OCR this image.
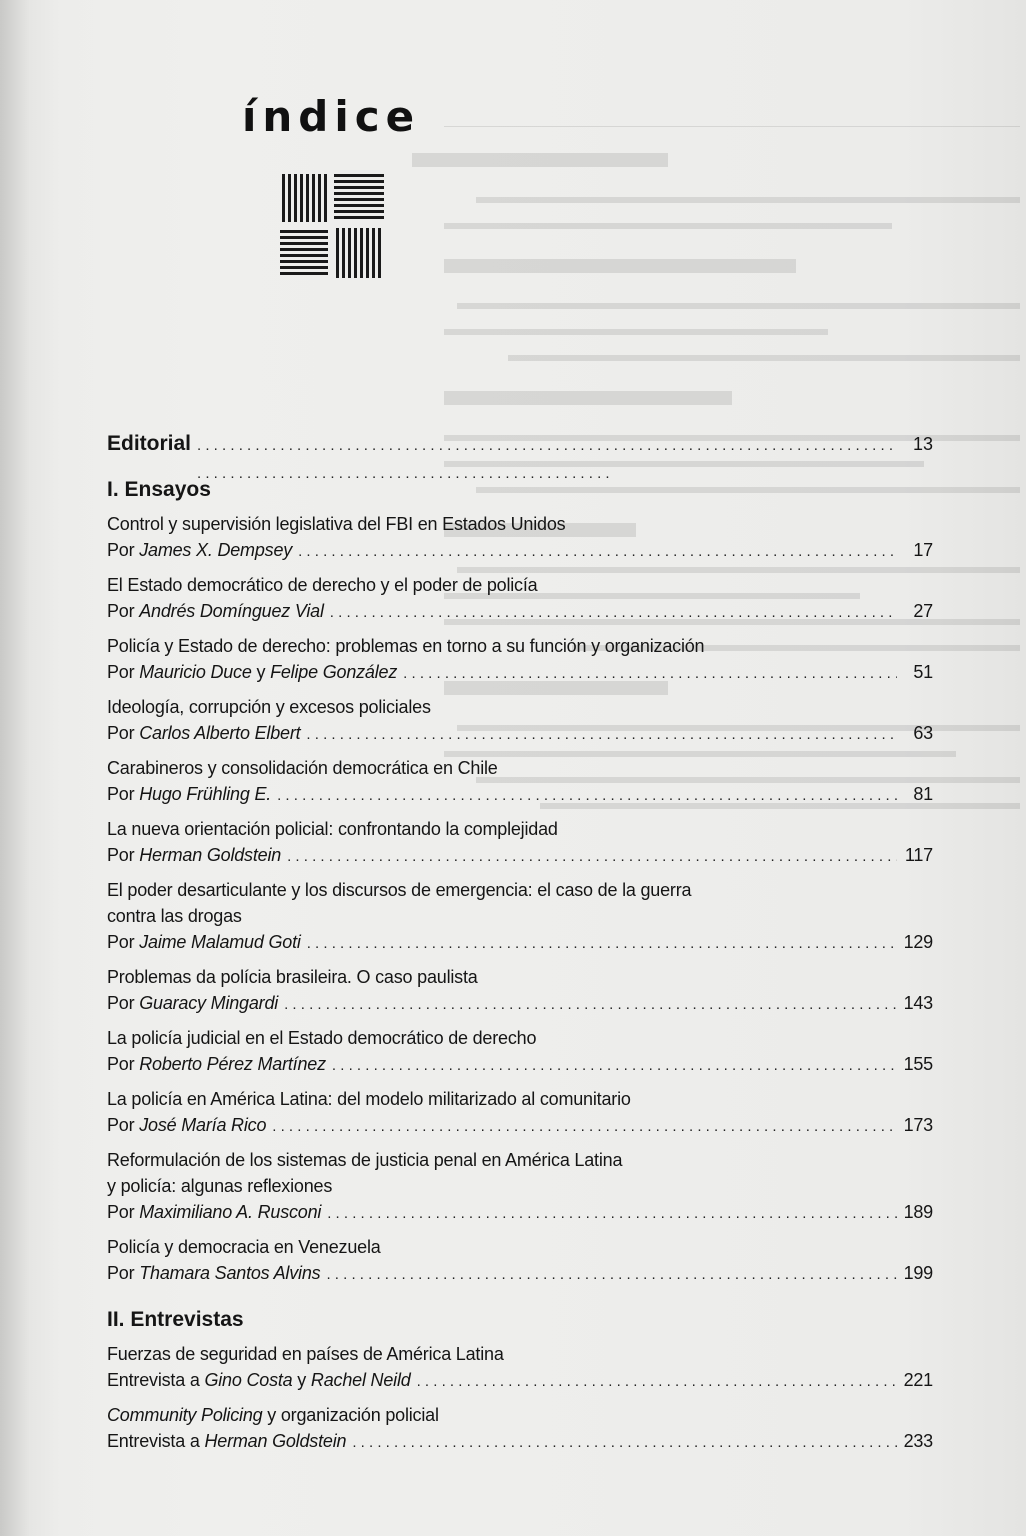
índice
Editorial . . .	13
I. Ensayos
Control y supervisión legislativa del FBI en Estados Unidos
Por James X. Dempsey . . .	17
El Estado democrático de derecho y el poder de policía
Por Andrés Domínguez Vial . . .	27
Policía y Estado de derecho: problemas en torno a su función y organización
Por Mauricio Duce y Felipe González . . .	51
Ideología, corrupción y excesos policiales
Por Carlos Alberto Elbert . . .	63
Carabineros y consolidación democrática en Chile
Por Hugo Frühling E. . . .	81
La nueva orientación policial: confrontando la complejidad
Por Herman Goldstein . . .	117
El poder desarticulante y los discursos de emergencia: el caso de la guerra
contra las drogas
Por Jaime Malamud Goti . . .	129
Problemas da polícia brasileira. O caso paulista
Por Guaracy Mingardi . . .	143
La policía judicial en el Estado democrático de derecho
Por Roberto Pérez Martínez . . .	155
La policía en América Latina: del modelo militarizado al comunitario
Por José María Rico . . .	173
Reformulación de los sistemas de justicia penal en América Latina
y policía: algunas reflexiones
Por Maximiliano A. Rusconi . . .	189
Policía y democracia en Venezuela
Por Thamara Santos Alvins . . .	199
II. Entrevistas
Fuerzas de seguridad en países de América Latina
Entrevista a Gino Costa y Rachel Neild . . .	221
Community Policing y organización policial
Entrevista a Herman Goldstein . . .	233
